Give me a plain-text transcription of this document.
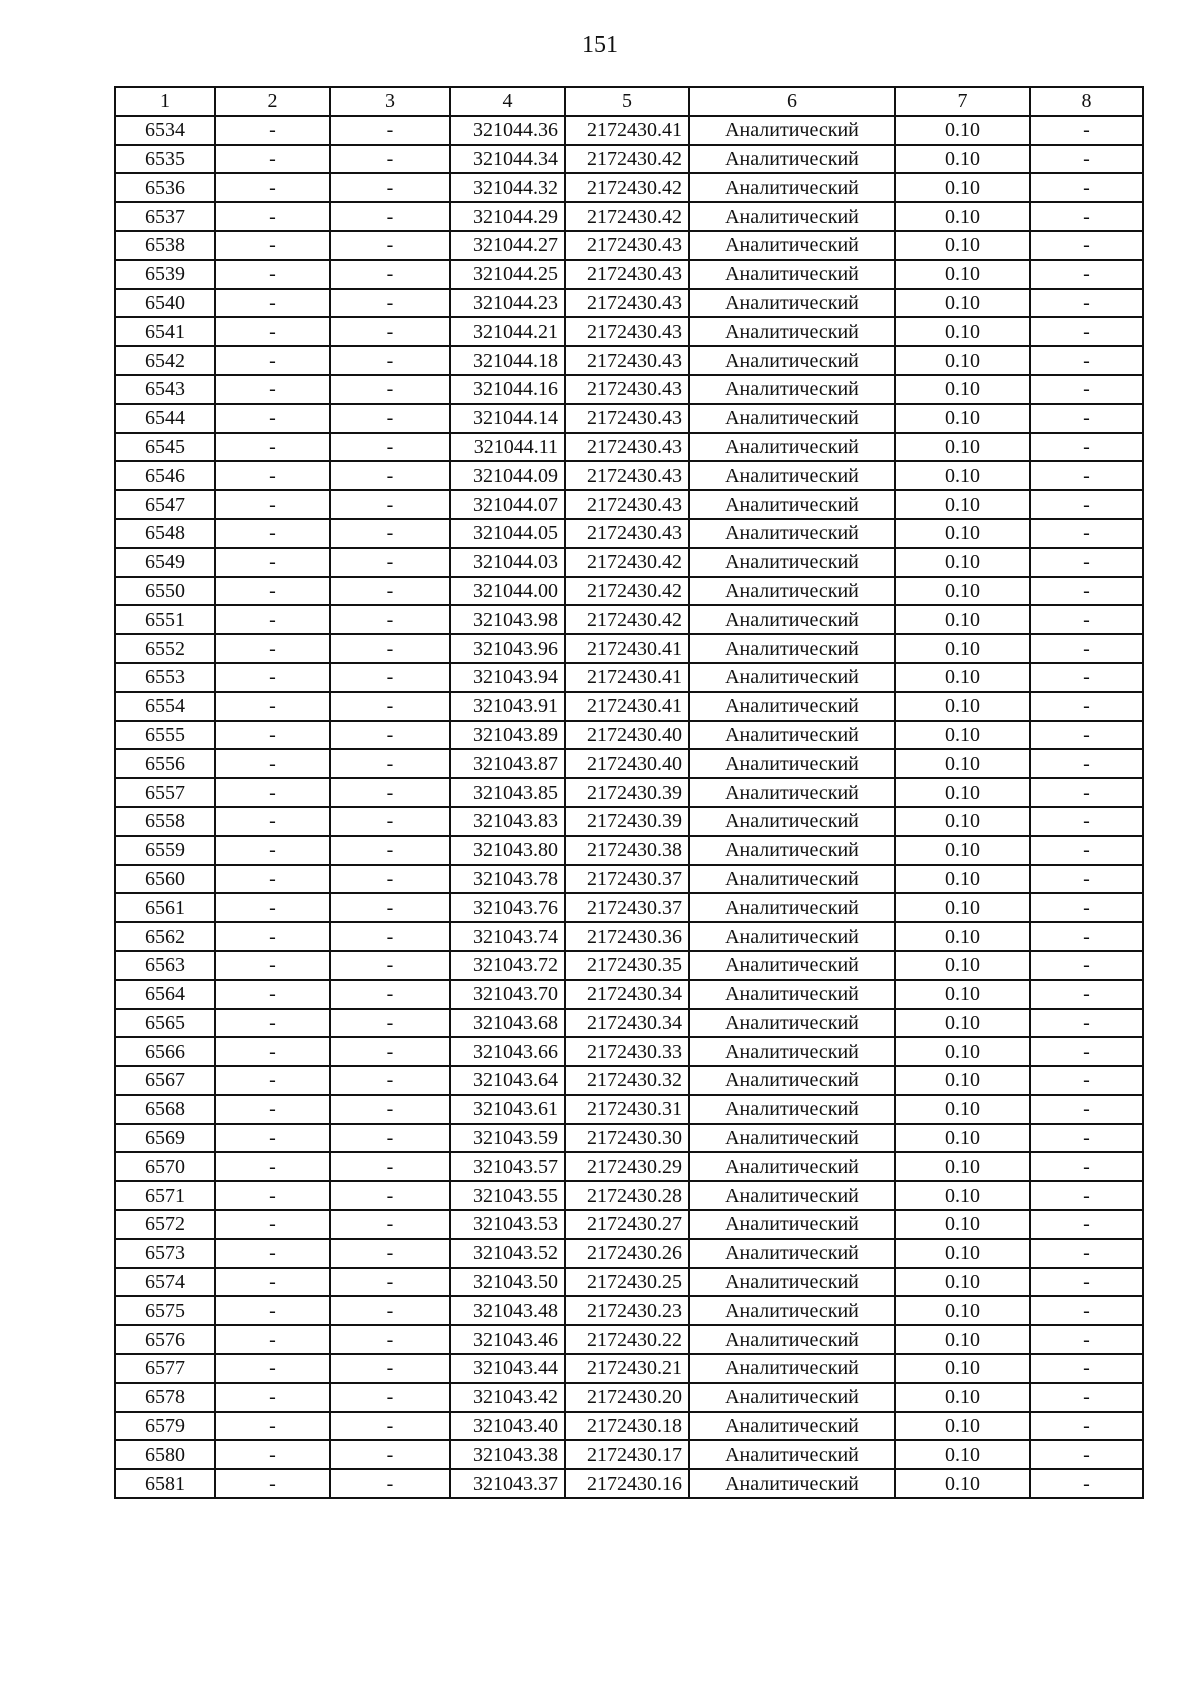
151
1	2	3	4	5	6	7	8
6534	-	-	321044.36	2172430.41	Аналитический	0.10	-
6535	-	-	321044.34	2172430.42	Аналитический	0.10	-
6536	-	-	321044.32	2172430.42	Аналитический	0.10	-
6537	-	-	321044.29	2172430.42	Аналитический	0.10	-
6538	-	-	321044.27	2172430.43	Аналитический	0.10	-
6539	-	-	321044.25	2172430.43	Аналитический	0.10	-
6540	-	-	321044.23	2172430.43	Аналитический	0.10	-
6541	-	-	321044.21	2172430.43	Аналитический	0.10	-
6542	-	-	321044.18	2172430.43	Аналитический	0.10	-
6543	-	-	321044.16	2172430.43	Аналитический	0.10	-
6544	-	-	321044.14	2172430.43	Аналитический	0.10	-
6545	-	-	321044.11	2172430.43	Аналитический	0.10	-
6546	-	-	321044.09	2172430.43	Аналитический	0.10	-
6547	-	-	321044.07	2172430.43	Аналитический	0.10	-
6548	-	-	321044.05	2172430.43	Аналитический	0.10	-
6549	-	-	321044.03	2172430.42	Аналитический	0.10	-
6550	-	-	321044.00	2172430.42	Аналитический	0.10	-
6551	-	-	321043.98	2172430.42	Аналитический	0.10	-
6552	-	-	321043.96	2172430.41	Аналитический	0.10	-
6553	-	-	321043.94	2172430.41	Аналитический	0.10	-
6554	-	-	321043.91	2172430.41	Аналитический	0.10	-
6555	-	-	321043.89	2172430.40	Аналитический	0.10	-
6556	-	-	321043.87	2172430.40	Аналитический	0.10	-
6557	-	-	321043.85	2172430.39	Аналитический	0.10	-
6558	-	-	321043.83	2172430.39	Аналитический	0.10	-
6559	-	-	321043.80	2172430.38	Аналитический	0.10	-
6560	-	-	321043.78	2172430.37	Аналитический	0.10	-
6561	-	-	321043.76	2172430.37	Аналитический	0.10	-
6562	-	-	321043.74	2172430.36	Аналитический	0.10	-
6563	-	-	321043.72	2172430.35	Аналитический	0.10	-
6564	-	-	321043.70	2172430.34	Аналитический	0.10	-
6565	-	-	321043.68	2172430.34	Аналитический	0.10	-
6566	-	-	321043.66	2172430.33	Аналитический	0.10	-
6567	-	-	321043.64	2172430.32	Аналитический	0.10	-
6568	-	-	321043.61	2172430.31	Аналитический	0.10	-
6569	-	-	321043.59	2172430.30	Аналитический	0.10	-
6570	-	-	321043.57	2172430.29	Аналитический	0.10	-
6571	-	-	321043.55	2172430.28	Аналитический	0.10	-
6572	-	-	321043.53	2172430.27	Аналитический	0.10	-
6573	-	-	321043.52	2172430.26	Аналитический	0.10	-
6574	-	-	321043.50	2172430.25	Аналитический	0.10	-
6575	-	-	321043.48	2172430.23	Аналитический	0.10	-
6576	-	-	321043.46	2172430.22	Аналитический	0.10	-
6577	-	-	321043.44	2172430.21	Аналитический	0.10	-
6578	-	-	321043.42	2172430.20	Аналитический	0.10	-
6579	-	-	321043.40	2172430.18	Аналитический	0.10	-
6580	-	-	321043.38	2172430.17	Аналитический	0.10	-
6581	-	-	321043.37	2172430.16	Аналитический	0.10	-
